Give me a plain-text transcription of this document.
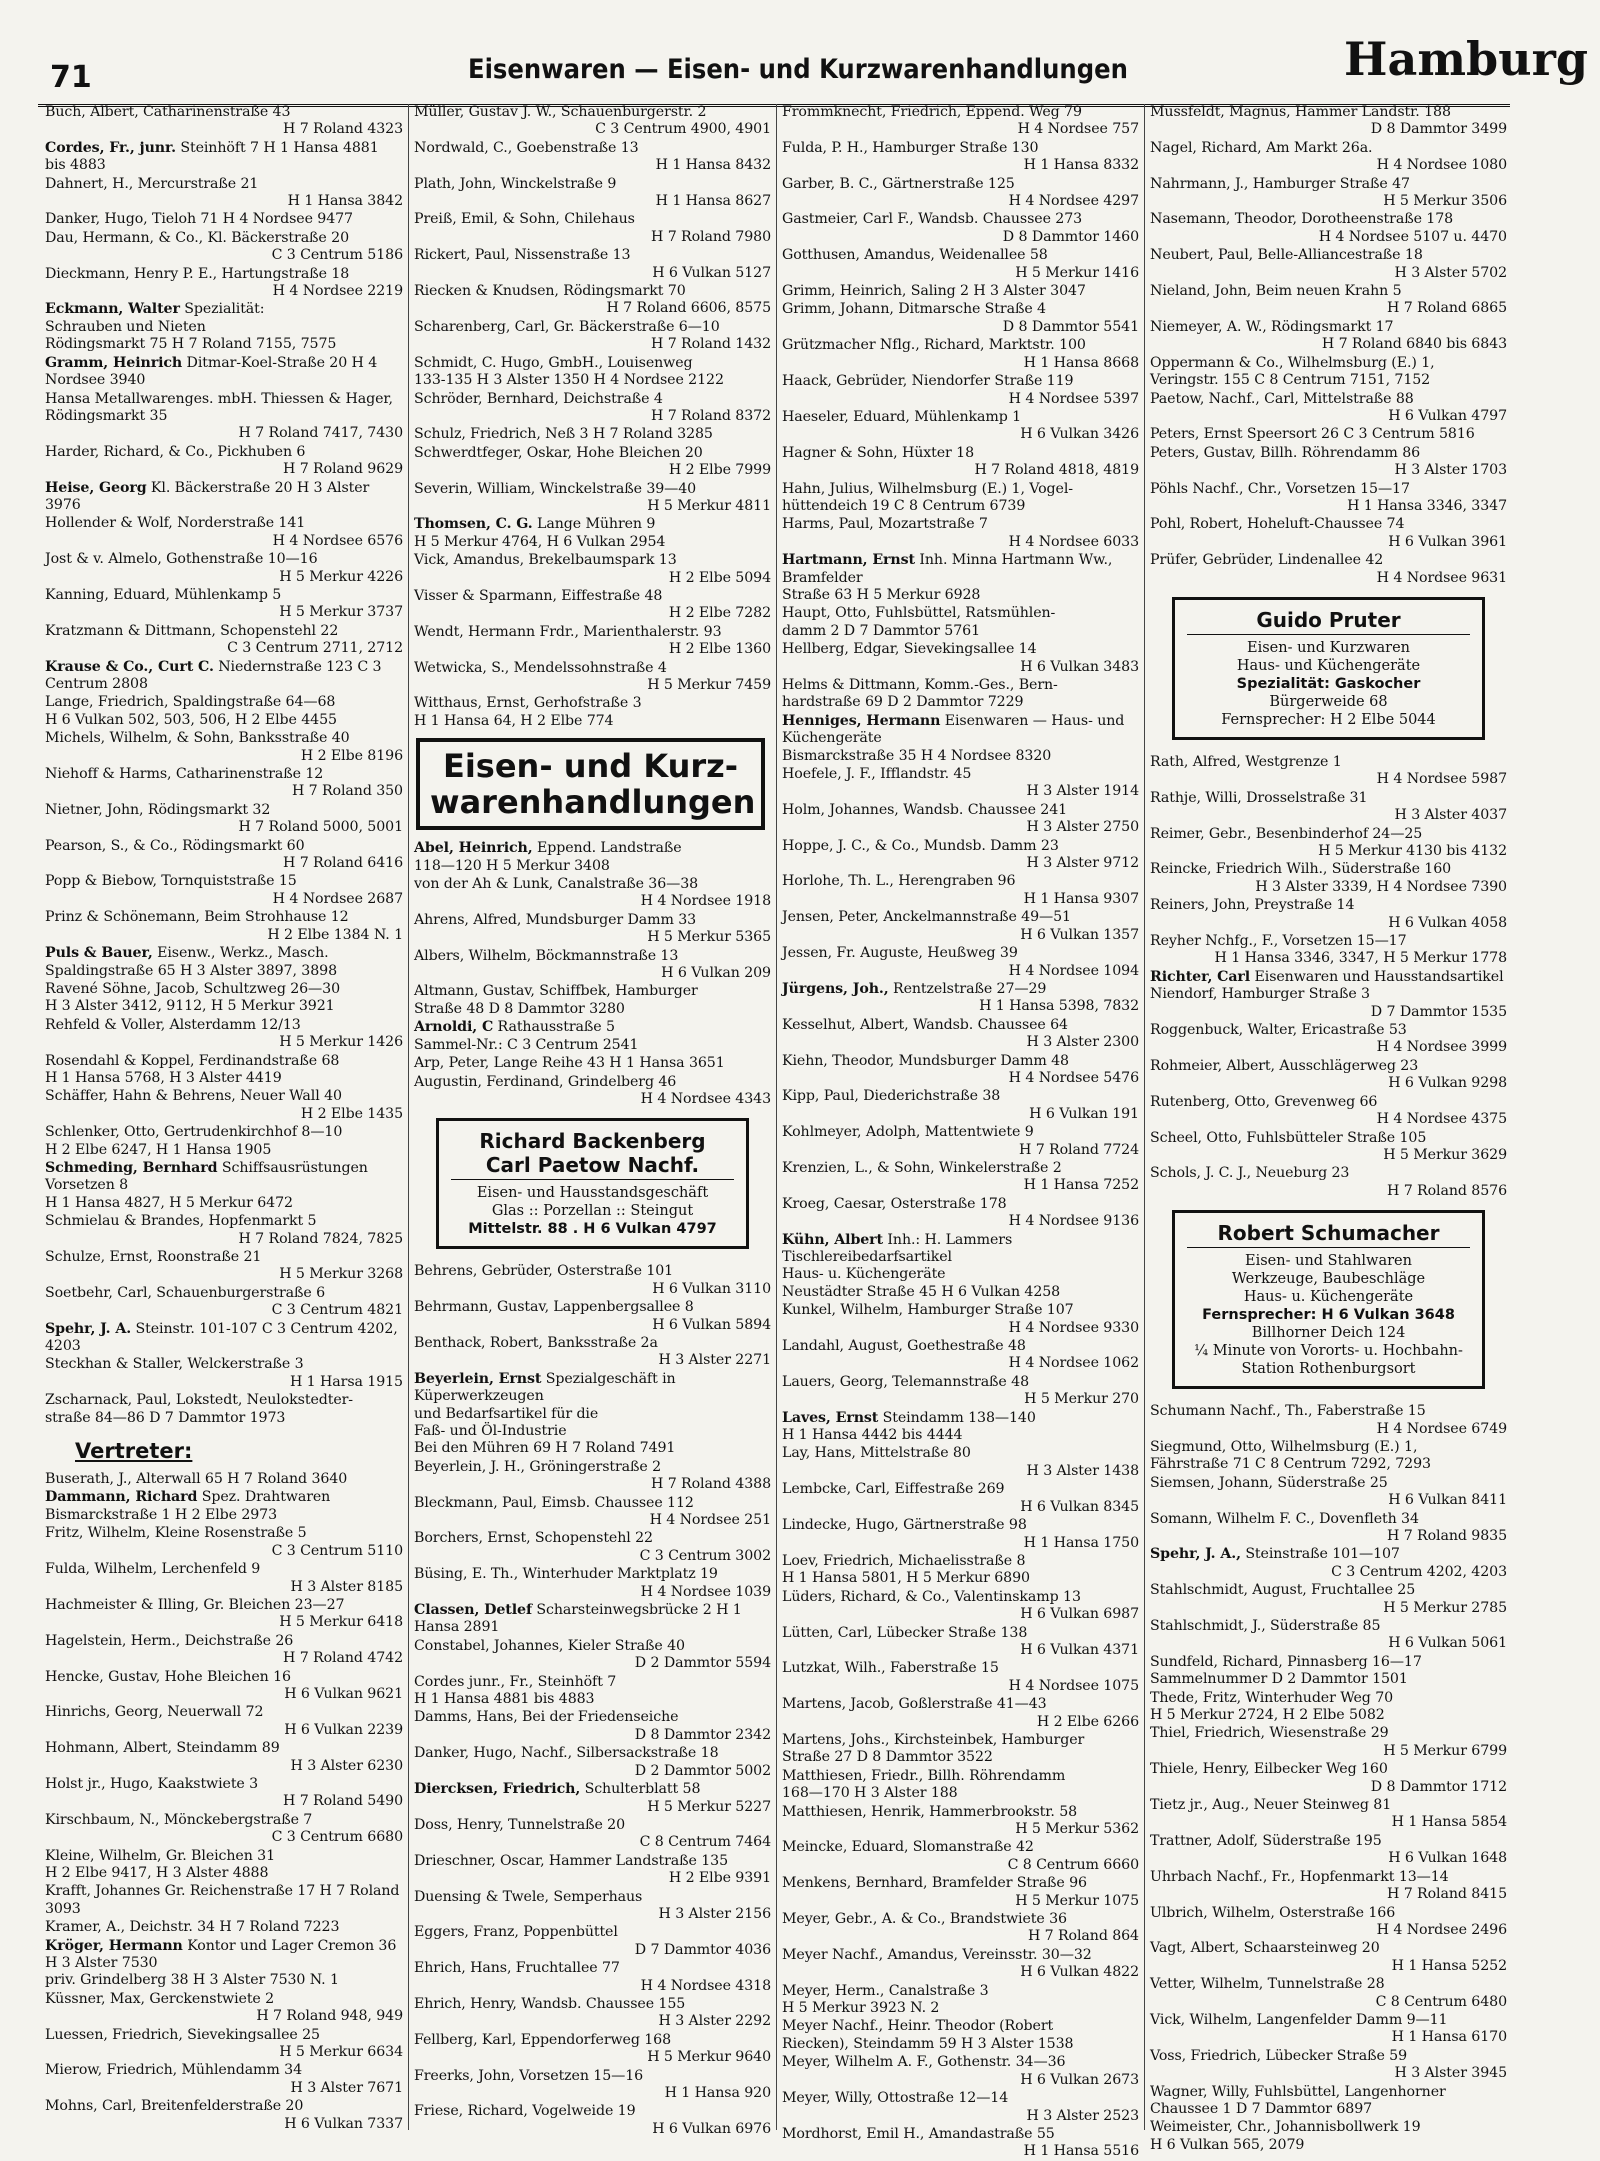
71	Eisenwaren — Eisen- und Kurzwarenhandlungen	Hamburg
Buch, Albert, Catharinenstraße 43
H 7 Roland 4323
Cordes, Fr., junr. Steinhöft 7 H 1 Hansa 4881 bis 4883
Dahnert, H., Mercurstraße 21
H 1 Hansa 3842
Danker, Hugo, Tieloh 71 H 4 Nordsee 9477
Dau, Hermann, & Co., Kl. Bäckerstraße 20
C 3 Centrum 5186
Dieckmann, Henry P. E., Hartungstraße 18
H 4 Nordsee 2219
Eckmann, Walter Spezialität:
Schrauben und Nieten
Rödingsmarkt 75 H 7 Roland 7155, 7575
Gramm, Heinrich Ditmar-Koel-Straße 20 H 4 Nordsee 3940
Hansa Metallwarenges. mbH. Thiessen & Hager, Rödingsmarkt 35
H 7 Roland 7417, 7430
Harder, Richard, & Co., Pickhuben 6
H 7 Roland 9629
Heise, Georg Kl. Bäckerstraße 20 H 3 Alster 3976
Hollender & Wolf, Norderstraße 141
H 4 Nordsee 6576
Jost & v. Almelo, Gothenstraße 10—16
H 5 Merkur 4226
Kanning, Eduard, Mühlenkamp 5
H 5 Merkur 3737
Kratzmann & Dittmann, Schopenstehl 22
C 3 Centrum 2711, 2712
Krause & Co., Curt C. Niedernstraße 123 C 3 Centrum 2808
Lange, Friedrich, Spaldingstraße 64—68
H 6 Vulkan 502, 503, 506, H 2 Elbe 4455
Michels, Wilhelm, & Sohn, Banksstraße 40
H 2 Elbe 8196
Niehoff & Harms, Catharinenstraße 12
H 7 Roland 350
Nietner, John, Rödingsmarkt 32
H 7 Roland 5000, 5001
Pearson, S., & Co., Rödingsmarkt 60
H 7 Roland 6416
Popp & Biebow, Tornquiststraße 15
H 4 Nordsee 2687
Prinz & Schönemann, Beim Strohhause 12
H 2 Elbe 1384 N. 1
Puls & Bauer, Eisenw., Werkz., Masch.
Spaldingstraße 65 H 3 Alster 3897, 3898
Ravené Söhne, Jacob, Schultzweg 26—30
H 3 Alster 3412, 9112, H 5 Merkur 3921
Rehfeld & Voller, Alsterdamm 12/13
H 5 Merkur 1426
Rosendahl & Koppel, Ferdinandstraße 68
H 1 Hansa 5768, H 3 Alster 4419
Schäffer, Hahn & Behrens, Neuer Wall 40
H 2 Elbe 1435
Schlenker, Otto, Gertrudenkirchhof 8—10
H 2 Elbe 6247, H 1 Hansa 1905
Schmeding, Bernhard Schiffsausrüstungen
Vorsetzen 8
H 1 Hansa 4827, H 5 Merkur 6472
Schmielau & Brandes, Hopfenmarkt 5
H 7 Roland 7824, 7825
Schulze, Ernst, Roonstraße 21
H 5 Merkur 3268
Soetbehr, Carl, Schauenburgerstraße 6
C 3 Centrum 4821
Spehr, J. A. Steinstr. 101-107 C 3 Centrum 4202, 4203
Steckhan & Staller, Welckerstraße 3
H 1 Harsa 1915
Zscharnack, Paul, Lokstedt, Neulokstedter-
straße 84—86 D 7 Dammtor 1973
Vertreter:
Buserath, J., Alterwall 65 H 7 Roland 3640
Dammann, Richard Spez. Drahtwaren
Bismarckstraße 1 H 2 Elbe 2973
Fritz, Wilhelm, Kleine Rosenstraße 5
C 3 Centrum 5110
Fulda, Wilhelm, Lerchenfeld 9
H 3 Alster 8185
Hachmeister & Illing, Gr. Bleichen 23—27
H 5 Merkur 6418
Hagelstein, Herm., Deichstraße 26
H 7 Roland 4742
Hencke, Gustav, Hohe Bleichen 16
H 6 Vulkan 9621
Hinrichs, Georg, Neuerwall 72
H 6 Vulkan 2239
Hohmann, Albert, Steindamm 89
H 3 Alster 6230
Holst jr., Hugo, Kaakstwiete 3
H 7 Roland 5490
Kirschbaum, N., Mönckebergstraße 7
C 3 Centrum 6680
Kleine, Wilhelm, Gr. Bleichen 31
H 2 Elbe 9417, H 3 Alster 4888
Krafft, Johannes Gr. Reichenstraße 17 H 7 Roland 3093
Kramer, A., Deichstr. 34 H 7 Roland 7223
Kröger, Hermann Kontor und Lager Cremon 36
H 3 Alster 7530
priv. Grindelberg 38 H 3 Alster 7530 N. 1
Küssner, Max, Gerckenstwiete 2
H 7 Roland 948, 949
Luessen, Friedrich, Sievekingsallee 25
H 5 Merkur 6634
Mierow, Friedrich, Mühlendamm 34
H 3 Alster 7671
Mohns, Carl, Breitenfelderstraße 20
H 6 Vulkan 7337
Müller, Gustav J. W., Schauenburgerstr. 2
C 3 Centrum 4900, 4901
Nordwald, C., Goebenstraße 13
H 1 Hansa 8432
Plath, John, Winckelstraße 9
H 1 Hansa 8627
Preiß, Emil, & Sohn, Chilehaus
H 7 Roland 7980
Rickert, Paul, Nissenstraße 13
H 6 Vulkan 5127
Riecken & Knudsen, Rödingsmarkt 70
H 7 Roland 6606, 8575
Scharenberg, Carl, Gr. Bäckerstraße 6—10
H 7 Roland 1432
Schmidt, C. Hugo, GmbH., Louisenweg
133-135 H 3 Alster 1350 H 4 Nordsee 2122
Schröder, Bernhard, Deichstraße 4
H 7 Roland 8372
Schulz, Friedrich, Neß 3 H 7 Roland 3285
Schwerdtfeger, Oskar, Hohe Bleichen 20
H 2 Elbe 7999
Severin, William, Winckelstraße 39—40
H 5 Merkur 4811
Thomsen, C. G. Lange Mühren 9
H 5 Merkur 4764, H 6 Vulkan 2954
Vick, Amandus, Brekelbaumspark 13
H 2 Elbe 5094
Visser & Sparmann, Eiffestraße 48
H 2 Elbe 7282
Wendt, Hermann Frdr., Marienthalerstr. 93
H 2 Elbe 1360
Wetwicka, S., Mendelssohnstraße 4
H 5 Merkur 7459
Witthaus, Ernst, Gerhofstraße 3
H 1 Hansa 64, H 2 Elbe 774
Eisen- und Kurz-
warenhandlungen
Abel, Heinrich, Eppend. Landstraße
118—120 H 5 Merkur 3408
von der Ah & Lunk, Canalstraße 36—38
H 4 Nordsee 1918
Ahrens, Alfred, Mundsburger Damm 33
H 5 Merkur 5365
Albers, Wilhelm, Böckmannstraße 13
H 6 Vulkan 209
Altmann, Gustav, Schiffbek, Hamburger
Straße 48 D 8 Dammtor 3280
Arnoldi, C Rathausstraße 5
Sammel-Nr.: C 3 Centrum 2541
Arp, Peter, Lange Reihe 43 H 1 Hansa 3651
Augustin, Ferdinand, Grindelberg 46
H 4 Nordsee 4343
Richard Backenberg
Carl Paetow Nachf.
Eisen- und Hausstandsgeschäft
Glas :: Porzellan :: Steingut
Mittelstr. 88 . H 6 Vulkan 4797
Behrens, Gebrüder, Osterstraße 101
H 6 Vulkan 3110
Behrmann, Gustav, Lappenbergsallee 8
H 6 Vulkan 5894
Benthack, Robert, Banksstraße 2a
H 3 Alster 2271
Beyerlein, Ernst Spezialgeschäft in Küperwerkzeugen
und Bedarfsartikel für die
Faß- und Öl-Industrie
Bei den Mühren 69 H 7 Roland 7491
Beyerlein, J. H., Gröningerstraße 2
H 7 Roland 4388
Bleckmann, Paul, Eimsb. Chaussee 112
H 4 Nordsee 251
Borchers, Ernst, Schopenstehl 22
C 3 Centrum 3002
Büsing, E. Th., Winterhuder Marktplatz 19
H 4 Nordsee 1039
Classen, Detlef Scharsteinwegsbrücke 2 H 1 Hansa 2891
Constabel, Johannes, Kieler Straße 40
D 2 Dammtor 5594
Cordes junr., Fr., Steinhöft 7
H 1 Hansa 4881 bis 4883
Damms, Hans, Bei der Friedenseiche
D 8 Dammtor 2342
Danker, Hugo, Nachf., Silbersackstraße 18
D 2 Dammtor 5002
Diercksen, Friedrich, Schulterblatt 58
H 5 Merkur 5227
Doss, Henry, Tunnelstraße 20
C 8 Centrum 7464
Drieschner, Oscar, Hammer Landstraße 135
H 2 Elbe 9391
Duensing & Twele, Semperhaus
H 3 Alster 2156
Eggers, Franz, Poppenbüttel
D 7 Dammtor 4036
Ehrich, Hans, Fruchtallee 77
H 4 Nordsee 4318
Ehrich, Henry, Wandsb. Chaussee 155
H 3 Alster 2292
Fellberg, Karl, Eppendorferweg 168
H 5 Merkur 9640
Freerks, John, Vorsetzen 15—16
H 1 Hansa 920
Friese, Richard, Vogelweide 19
H 6 Vulkan 6976
Frommknecht, Friedrich, Eppend. Weg 79
H 4 Nordsee 757
Fulda, P. H., Hamburger Straße 130
H 1 Hansa 8332
Garber, B. C., Gärtnerstraße 125
H 4 Nordsee 4297
Gastmeier, Carl F., Wandsb. Chaussee 273
D 8 Dammtor 1460
Gotthusen, Amandus, Weidenallee 58
H 5 Merkur 1416
Grimm, Heinrich, Saling 2 H 3 Alster 3047
Grimm, Johann, Ditmarsche Straße 4
D 8 Dammtor 5541
Grützmacher Nflg., Richard, Marktstr. 100
H 1 Hansa 8668
Haack, Gebrüder, Niendorfer Straße 119
H 4 Nordsee 5397
Haeseler, Eduard, Mühlenkamp 1
H 6 Vulkan 3426
Hagner & Sohn, Hüxter 18
H 7 Roland 4818, 4819
Hahn, Julius, Wilhelmsburg (E.) 1, Vogel-
hüttendeich 19 C 8 Centrum 6739
Harms, Paul, Mozartstraße 7
H 4 Nordsee 6033
Hartmann, Ernst Inh. Minna Hartmann Ww., Bramfelder
Straße 63 H 5 Merkur 6928
Haupt, Otto, Fuhlsbüttel, Ratsmühlen-
damm 2 D 7 Dammtor 5761
Hellberg, Edgar, Sievekingsallee 14
H 6 Vulkan 3483
Helms & Dittmann, Komm.-Ges., Bern-
hardstraße 69 D 2 Dammtor 7229
Henniges, Hermann Eisenwaren — Haus- und Küchengeräte
Bismarckstraße 35 H 4 Nordsee 8320
Hoefele, J. F., Ifflandstr. 45
H 3 Alster 1914
Holm, Johannes, Wandsb. Chaussee 241
H 3 Alster 2750
Hoppe, J. C., & Co., Mundsb. Damm 23
H 3 Alster 9712
Horlohe, Th. L., Herengraben 96
H 1 Hansa 9307
Jensen, Peter, Anckelmannstraße 49—51
H 6 Vulkan 1357
Jessen, Fr. Auguste, Heußweg 39
H 4 Nordsee 1094
Jürgens, Joh., Rentzelstraße 27—29
H 1 Hansa 5398, 7832
Kesselhut, Albert, Wandsb. Chaussee 64
H 3 Alster 2300
Kiehn, Theodor, Mundsburger Damm 48
H 4 Nordsee 5476
Kipp, Paul, Diederichstraße 38
H 6 Vulkan 191
Kohlmeyer, Adolph, Mattentwiete 9
H 7 Roland 7724
Krenzien, L., & Sohn, Winkelerstraße 2
H 1 Hansa 7252
Kroeg, Caesar, Osterstraße 178
H 4 Nordsee 9136
Kühn, Albert Inh.: H. Lammers
Tischlereibedarfsartikel
Haus- u. Küchengeräte
Neustädter Straße 45 H 6 Vulkan 4258
Kunkel, Wilhelm, Hamburger Straße 107
H 4 Nordsee 9330
Landahl, August, Goethestraße 48
H 4 Nordsee 1062
Lauers, Georg, Telemannstraße 48
H 5 Merkur 270
Laves, Ernst Steindamm 138—140
H 1 Hansa 4442 bis 4444
Lay, Hans, Mittelstraße 80
H 3 Alster 1438
Lembcke, Carl, Eiffestraße 269
H 6 Vulkan 8345
Lindecke, Hugo, Gärtnerstraße 98
H 1 Hansa 1750
Loev, Friedrich, Michaelisstraße 8
H 1 Hansa 5801, H 5 Merkur 6890
Lüders, Richard, & Co., Valentinskamp 13
H 6 Vulkan 6987
Lütten, Carl, Lübecker Straße 138
H 6 Vulkan 4371
Lutzkat, Wilh., Faberstraße 15
H 4 Nordsee 1075
Martens, Jacob, Goßlerstraße 41—43
H 2 Elbe 6266
Martens, Johs., Kirchsteinbek, Hamburger
Straße 27 D 8 Dammtor 3522
Matthiesen, Friedr., Billh. Röhrendamm
168—170 H 3 Alster 188
Matthiesen, Henrik, Hammerbrookstr. 58
H 5 Merkur 5362
Meincke, Eduard, Slomanstraße 42
C 8 Centrum 6660
Menkens, Bernhard, Bramfelder Straße 96
H 5 Merkur 1075
Meyer, Gebr., A. & Co., Brandstwiete 36
H 7 Roland 864
Meyer Nachf., Amandus, Vereinsstr. 30—32
H 6 Vulkan 4822
Meyer, Herm., Canalstraße 3
H 5 Merkur 3923 N. 2
Meyer Nachf., Heinr. Theodor (Robert
Riecken), Steindamm 59 H 3 Alster 1538
Meyer, Wilhelm A. F., Gothenstr. 34—36
H 6 Vulkan 2673
Meyer, Willy, Ottostraße 12—14
H 3 Alster 2523
Mordhorst, Emil H., Amandastraße 55
H 1 Hansa 5516
Mussfeldt, Magnus, Hammer Landstr. 188
D 8 Dammtor 3499
Nagel, Richard, Am Markt 26a.
H 4 Nordsee 1080
Nahrmann, J., Hamburger Straße 47
H 5 Merkur 3506
Nasemann, Theodor, Dorotheenstraße 178
H 4 Nordsee 5107 u. 4470
Neubert, Paul, Belle-Alliancestraße 18
H 3 Alster 5702
Nieland, John, Beim neuen Krahn 5
H 7 Roland 6865
Niemeyer, A. W., Rödingsmarkt 17
H 7 Roland 6840 bis 6843
Oppermann & Co., Wilhelmsburg (E.) 1,
Veringstr. 155 C 8 Centrum 7151, 7152
Paetow, Nachf., Carl, Mittelstraße 88
H 6 Vulkan 4797
Peters, Ernst Speersort 26 C 3 Centrum 5816
Peters, Gustav, Billh. Röhrendamm 86
H 3 Alster 1703
Pöhls Nachf., Chr., Vorsetzen 15—17
H 1 Hansa 3346, 3347
Pohl, Robert, Hoheluft-Chaussee 74
H 6 Vulkan 3961
Prüfer, Gebrüder, Lindenallee 42
H 4 Nordsee 9631
Guido Pruter
Eisen- und Kurzwaren
Haus- und Küchengeräte
Spezialität: Gaskocher
Bürgerweide 68
Fernsprecher: H 2 Elbe 5044
Rath, Alfred, Westgrenze 1
H 4 Nordsee 5987
Rathje, Willi, Drosselstraße 31
H 3 Alster 4037
Reimer, Gebr., Besenbinderhof 24—25
H 5 Merkur 4130 bis 4132
Reincke, Friedrich Wilh., Süderstraße 160
H 3 Alster 3339, H 4 Nordsee 7390
Reiners, John, Preystraße 14
H 6 Vulkan 4058
Reyher Nchfg., F., Vorsetzen 15—17
H 1 Hansa 3346, 3347, H 5 Merkur 1778
Richter, Carl Eisenwaren und Hausstandsartikel
Niendorf, Hamburger Straße 3
D 7 Dammtor 1535
Roggenbuck, Walter, Ericastraße 53
H 4 Nordsee 3999
Rohmeier, Albert, Ausschlägerweg 23
H 6 Vulkan 9298
Rutenberg, Otto, Grevenweg 66
H 4 Nordsee 4375
Scheel, Otto, Fuhlsbütteler Straße 105
H 5 Merkur 3629
Schols, J. C. J., Neueburg 23
H 7 Roland 8576
Robert Schumacher
Eisen- und Stahlwaren
Werkzeuge, Baubeschläge
Haus- u. Küchengeräte
Fernsprecher: H 6 Vulkan 3648
Billhorner Deich 124
¼ Minute von Vororts- u. Hochbahn-
Station Rothenburgsort
Schumann Nachf., Th., Faberstraße 15
H 4 Nordsee 6749
Siegmund, Otto, Wilhelmsburg (E.) 1,
Fährstraße 71 C 8 Centrum 7292, 7293
Siemsen, Johann, Süderstraße 25
H 6 Vulkan 8411
Somann, Wilhelm F. C., Dovenfleth 34
H 7 Roland 9835
Spehr, J. A., Steinstraße 101—107
C 3 Centrum 4202, 4203
Stahlschmidt, August, Fruchtallee 25
H 5 Merkur 2785
Stahlschmidt, J., Süderstraße 85
H 6 Vulkan 5061
Sundfeld, Richard, Pinnasberg 16—17
Sammelnummer D 2 Dammtor 1501
Thede, Fritz, Winterhuder Weg 70
H 5 Merkur 2724, H 2 Elbe 5082
Thiel, Friedrich, Wiesenstraße 29
H 5 Merkur 6799
Thiele, Henry, Eilbecker Weg 160
D 8 Dammtor 1712
Tietz jr., Aug., Neuer Steinweg 81
H 1 Hansa 5854
Trattner, Adolf, Süderstraße 195
H 6 Vulkan 1648
Uhrbach Nachf., Fr., Hopfenmarkt 13—14
H 7 Roland 8415
Ulbrich, Wilhelm, Osterstraße 166
H 4 Nordsee 2496
Vagt, Albert, Schaarsteinweg 20
H 1 Hansa 5252
Vetter, Wilhelm, Tunnelstraße 28
C 8 Centrum 6480
Vick, Wilhelm, Langenfelder Damm 9—11
H 1 Hansa 6170
Voss, Friedrich, Lübecker Straße 59
H 3 Alster 3945
Wagner, Willy, Fuhlsbüttel, Langenhorner
Chaussee 1 D 7 Dammtor 6897
Weimeister, Chr., Johannisbollwerk 19
H 6 Vulkan 565, 2079
